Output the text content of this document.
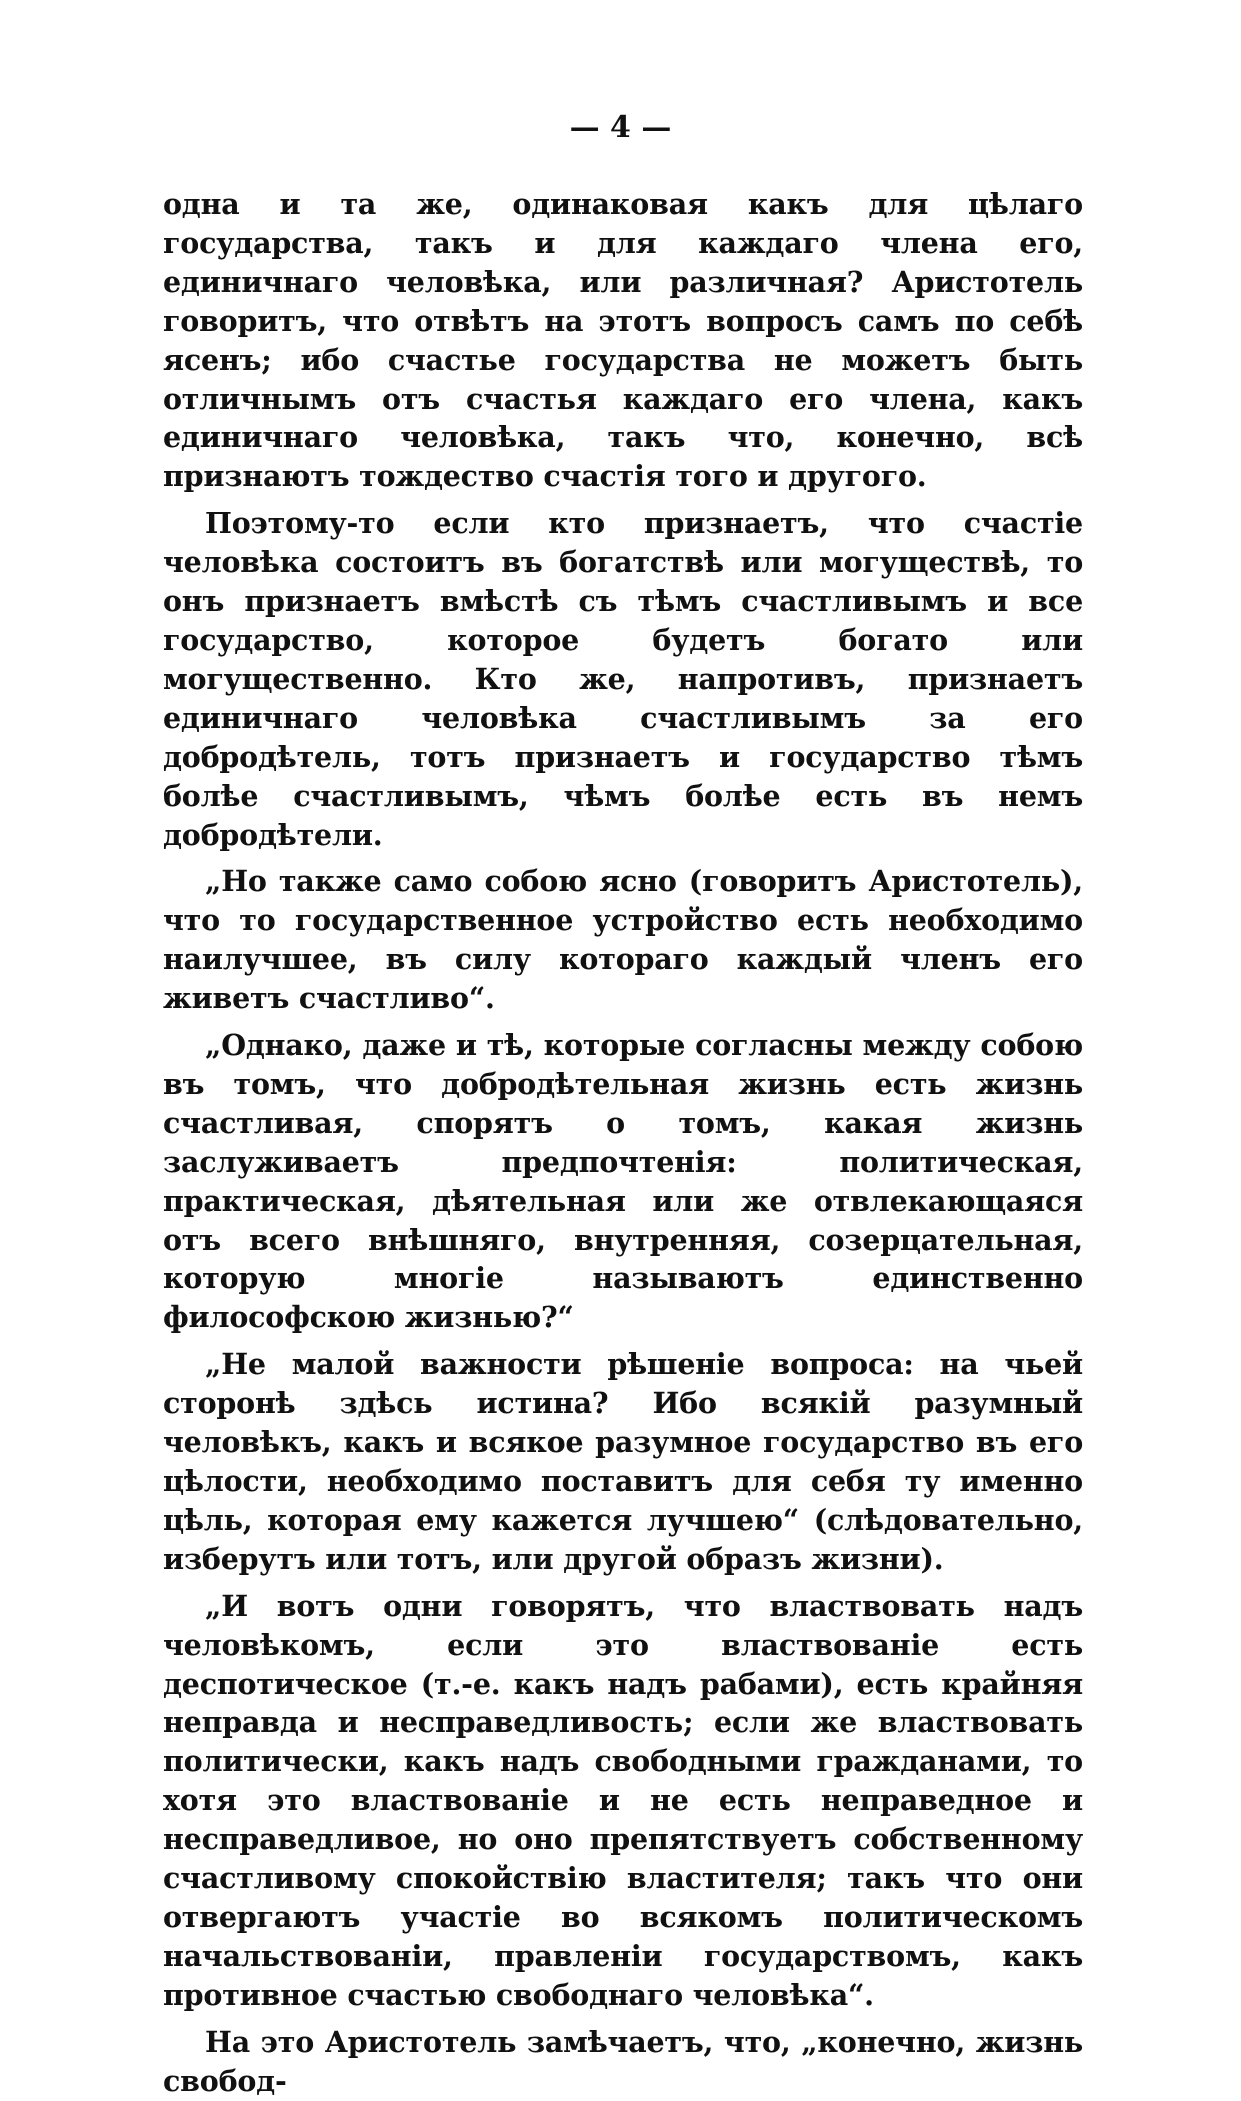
— 4 —

одна и та же, одинаковая какъ для цѣлаго государства, такъ и для каждаго члена его, единичнаго человѣка, или различная? Аристотель говоритъ, что отвѣтъ на этотъ вопросъ самъ по себѣ ясенъ; ибо счастье государства не можетъ быть отличнымъ отъ счастья каждаго его члена, какъ единичнаго человѣка, такъ что, конечно, всѣ признаютъ тождество счастія того и другого.

Поэтому-то если кто признаетъ, что счастіе человѣка состоитъ въ богатствѣ или могуществѣ, то онъ признаетъ вмѣстѣ съ тѣмъ счастливымъ и все государство, которое будетъ богато или могущественно. Кто же, напротивъ, признаетъ единичнаго человѣка счастливымъ за его добродѣтель, тотъ признаетъ и государство тѣмъ болѣе счастливымъ, чѣмъ болѣе есть въ немъ добродѣтели.

„Но также само собою ясно (говоритъ Аристотель), что то государственное устройство есть необходимо наилучшее, въ силу котораго каждый членъ его живетъ счастливо“.

„Однако, даже и тѣ, которые согласны между собою въ томъ, что добродѣтельная жизнь есть жизнь счастливая, спорятъ о томъ, какая жизнь заслуживаетъ предпочтенія: политическая, практическая, дѣятельная или же отвлекающаяся отъ всего внѣшняго, внутренняя, созерцательная, которую многіе называютъ единственно философскою жизнью?“

„Не малой важности рѣшеніе вопроса: на чьей сторонѣ здѣсь истина? Ибо всякій разумный человѣкъ, какъ и всякое разумное государство въ его цѣлости, необходимо поставитъ для себя ту именно цѣль, которая ему кажется лучшею“ (слѣдовательно, изберутъ или тотъ, или другой образъ жизни).

„И вотъ одни говорятъ, что властвовать надъ человѣкомъ, если это властвованіе есть деспотическое (т.-е. какъ надъ рабами), есть крайняя неправда и несправедливость; если же властвовать политически, какъ надъ свободными гражданами, то хотя это властвованіе и не есть неправедное и несправедливое, но оно препятствуетъ собственному счастливому спокойствію властителя; такъ что они отвергаютъ участіе во всякомъ политическомъ начальствованіи, правленіи государствомъ, какъ противное счастью свободнаго человѣка“.

На это Аристотель замѣчаетъ, что, „конечно, жизнь свобод-
